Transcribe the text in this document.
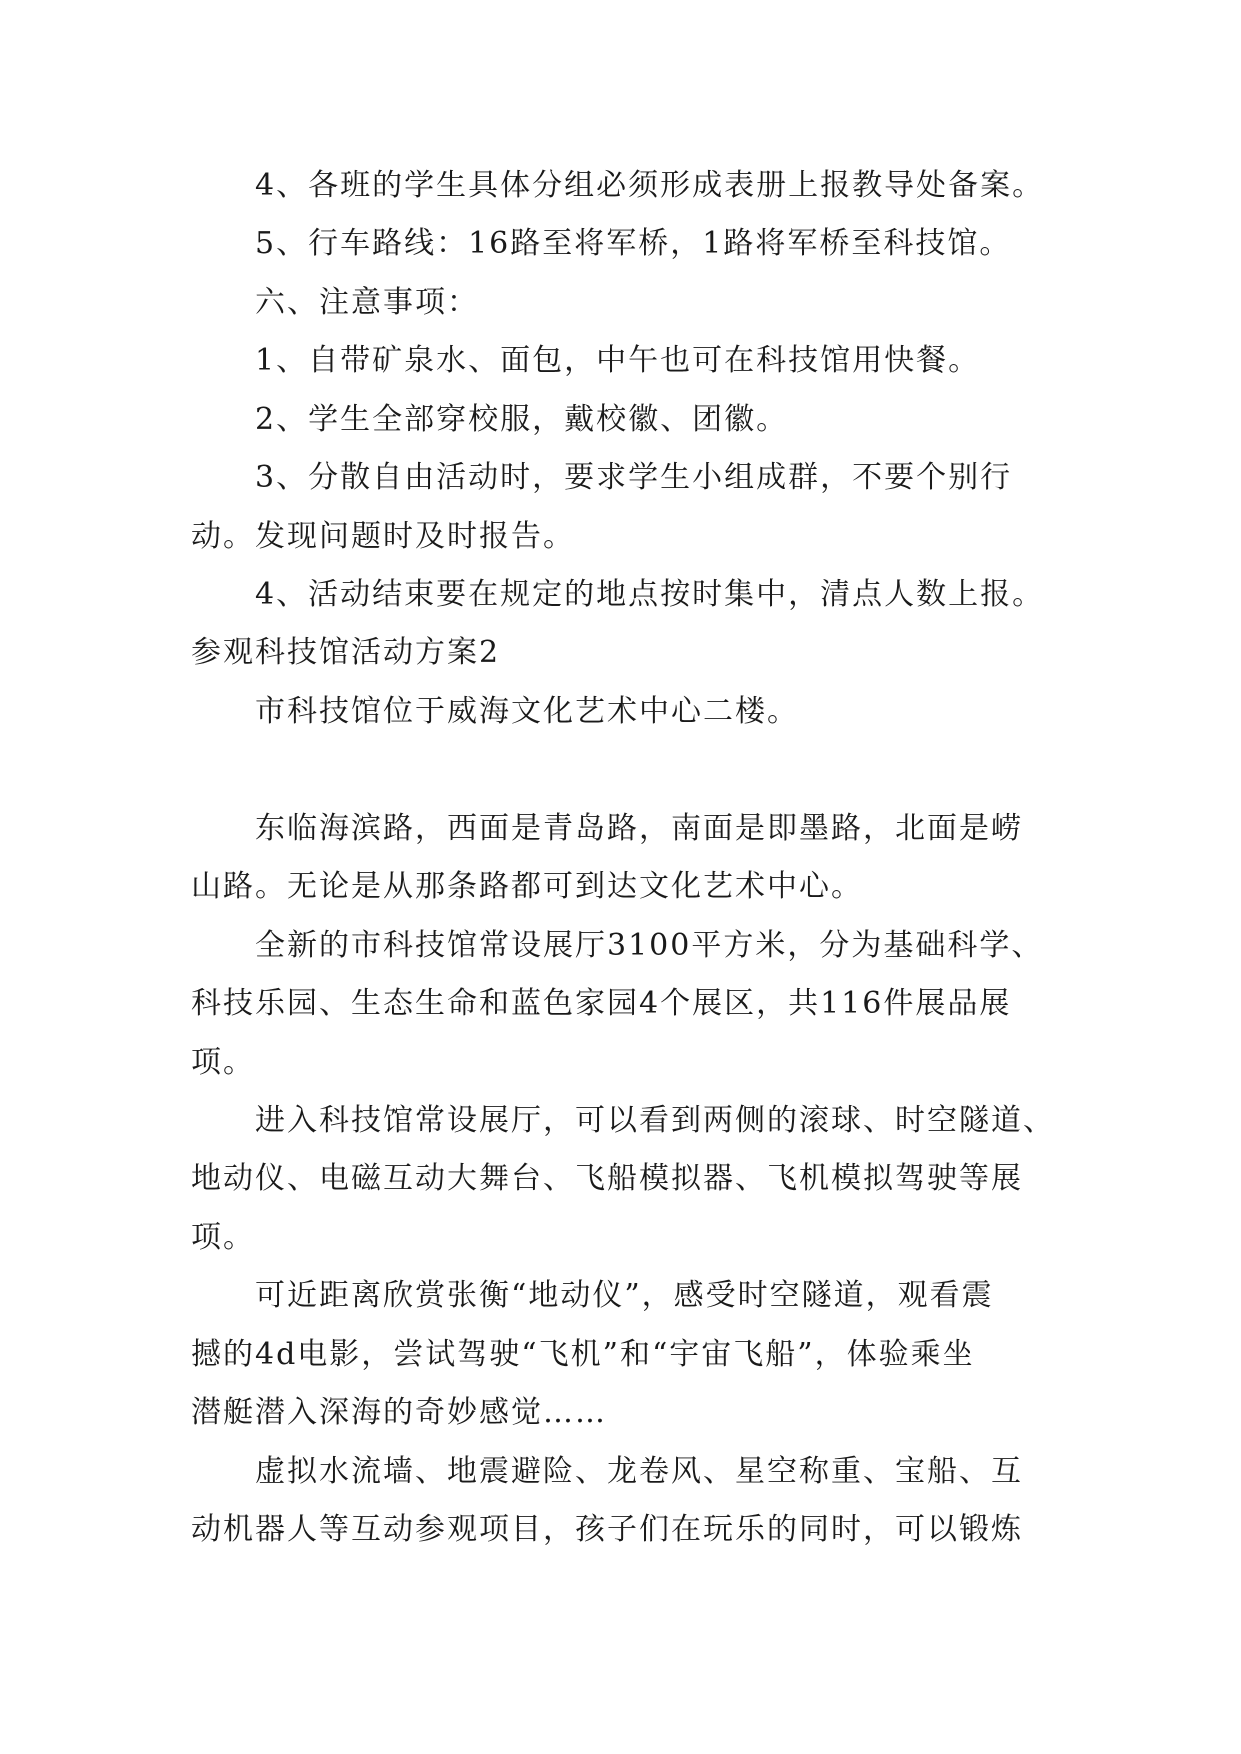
4、各班的学生具体分组必须形成表册上报教导处备案。

5、行车路线：16路至将军桥，1路将军桥至科技馆。

六、注意事项：

1、自带矿泉水、面包，中午也可在科技馆用快餐。

2、学生全部穿校服，戴校徽、团徽。

3、分散自由活动时，要求学生小组成群，不要个别行

动。发现问题时及时报告。

4、活动结束要在规定的地点按时集中，清点人数上报。

参观科技馆活动方案2

市科技馆位于威海文化艺术中心二楼。

东临海滨路，西面是青岛路，南面是即墨路，北面是崂

山路。无论是从那条路都可到达文化艺术中心。

全新的市科技馆常设展厅3100平方米，分为基础科学、

科技乐园、生态生命和蓝色家园4个展区，共116件展品展

项。

进入科技馆常设展厅，可以看到两侧的滚球、时空隧道、

地动仪、电磁互动大舞台、飞船模拟器、飞机模拟驾驶等展

项。

可近距离欣赏张衡“地动仪”，感受时空隧道，观看震

撼的4d电影，尝试驾驶“飞机”和“宇宙飞船”，体验乘坐

潜艇潜入深海的奇妙感觉……

虚拟水流墙、地震避险、龙卷风、星空称重、宝船、互

动机器人等互动参观项目，孩子们在玩乐的同时，可以锻炼
